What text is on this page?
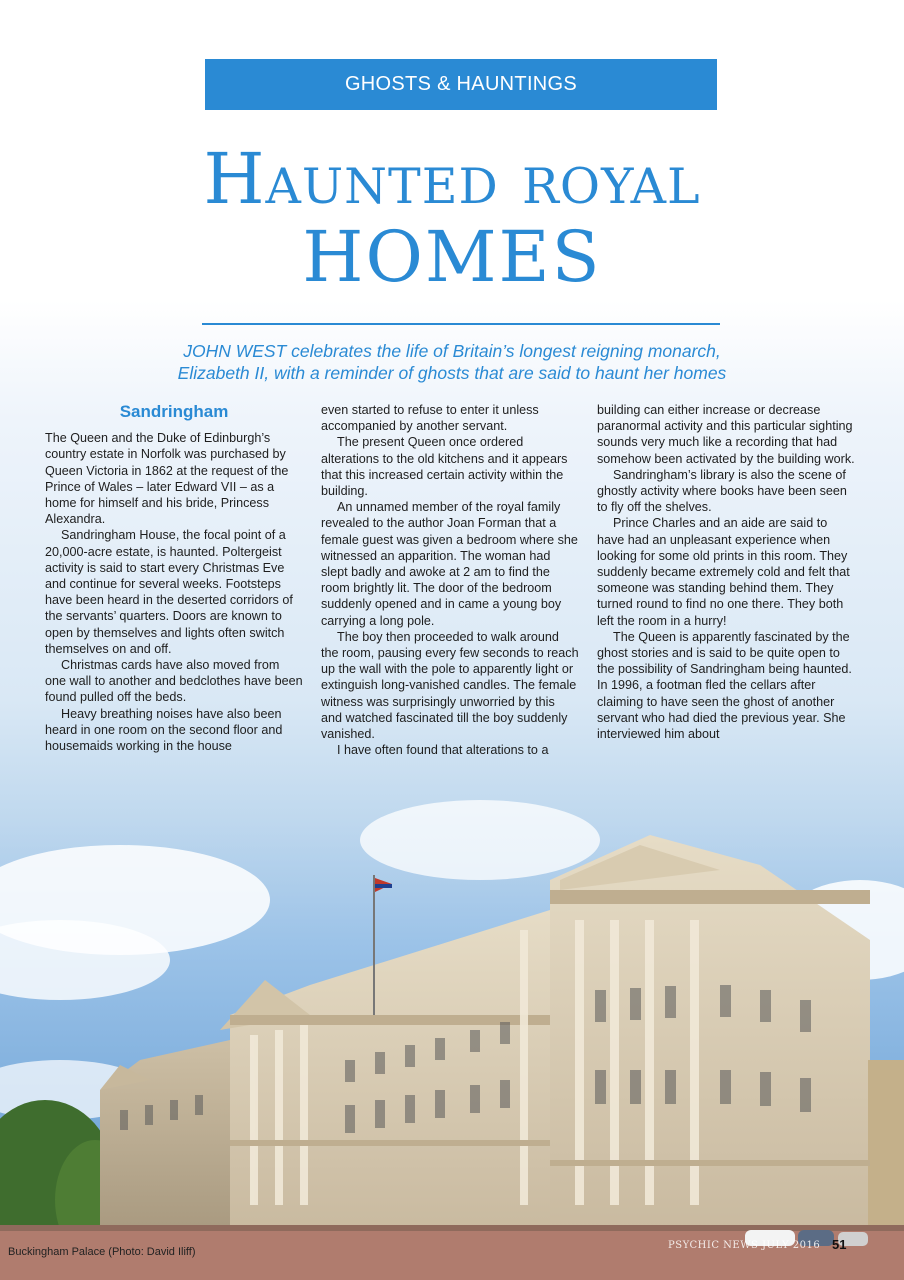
GHOSTS & HAUNTINGS
Haunted royal
HOMES
JOHN WEST celebrates the life of Britain’s longest reigning monarch,
Elizabeth II, with a reminder of ghosts that are said to haunt her homes

Sandringham

The Queen and the Duke of Edinburgh’s country estate in Norfolk was purchased by Queen Victoria in 1862 at the request of the Prince of Wales – later Edward VII – as a home for himself and his bride, Princess Alexandra.

Sandringham House, the focal point of a 20,000-acre estate, is haunted. Poltergeist activity is said to start every Christmas Eve and continue for several weeks. Footsteps have been heard in the deserted corridors of the servants’ quarters. Doors are known to open by themselves and lights often switch themselves on and off.

Christmas cards have also moved from one wall to another and bedclothes have been found pulled off the beds.

Heavy breathing noises have also been heard in one room on the second floor and housemaids working in the house

even started to refuse to enter it unless accompanied by another servant.

The present Queen once ordered alterations to the old kitchens and it appears that this increased certain activity within the building.

An unnamed member of the royal family revealed to the author Joan Forman that a female guest was given a bedroom where she witnessed an apparition. The woman had slept badly and awoke at 2 am to find the room brightly lit. The door of the bedroom suddenly opened and in came a young boy carrying a long pole.

The boy then proceeded to walk around the room, pausing every few seconds to reach up the wall with the pole to apparently light or extinguish long-vanished candles. The female witness was surprisingly unworried by this and watched fascinated till the boy suddenly vanished.

I have often found that alterations to a

building can either increase or decrease paranormal activity and this particular sighting sounds very much like a recording that had somehow been activated by the building work.

Sandringham’s library is also the scene of ghostly activity where books have been seen to fly off the shelves.

Prince Charles and an aide are said to have had an unpleasant experience when looking for some old prints in this room. They suddenly became extremely cold and felt that someone was standing behind them. They turned round to find no one there. They both left the room in a hurry!

The Queen is apparently fascinated by the ghost stories and is said to be quite open to the possibility of Sandringham being haunted. In 1996, a footman fled the cellars after claiming to have seen the ghost of another servant who had died the previous year. She interviewed him about

Buckingham Palace (Photo: David Iliff)
PSYCHIC NEWS JULY 2016 51
